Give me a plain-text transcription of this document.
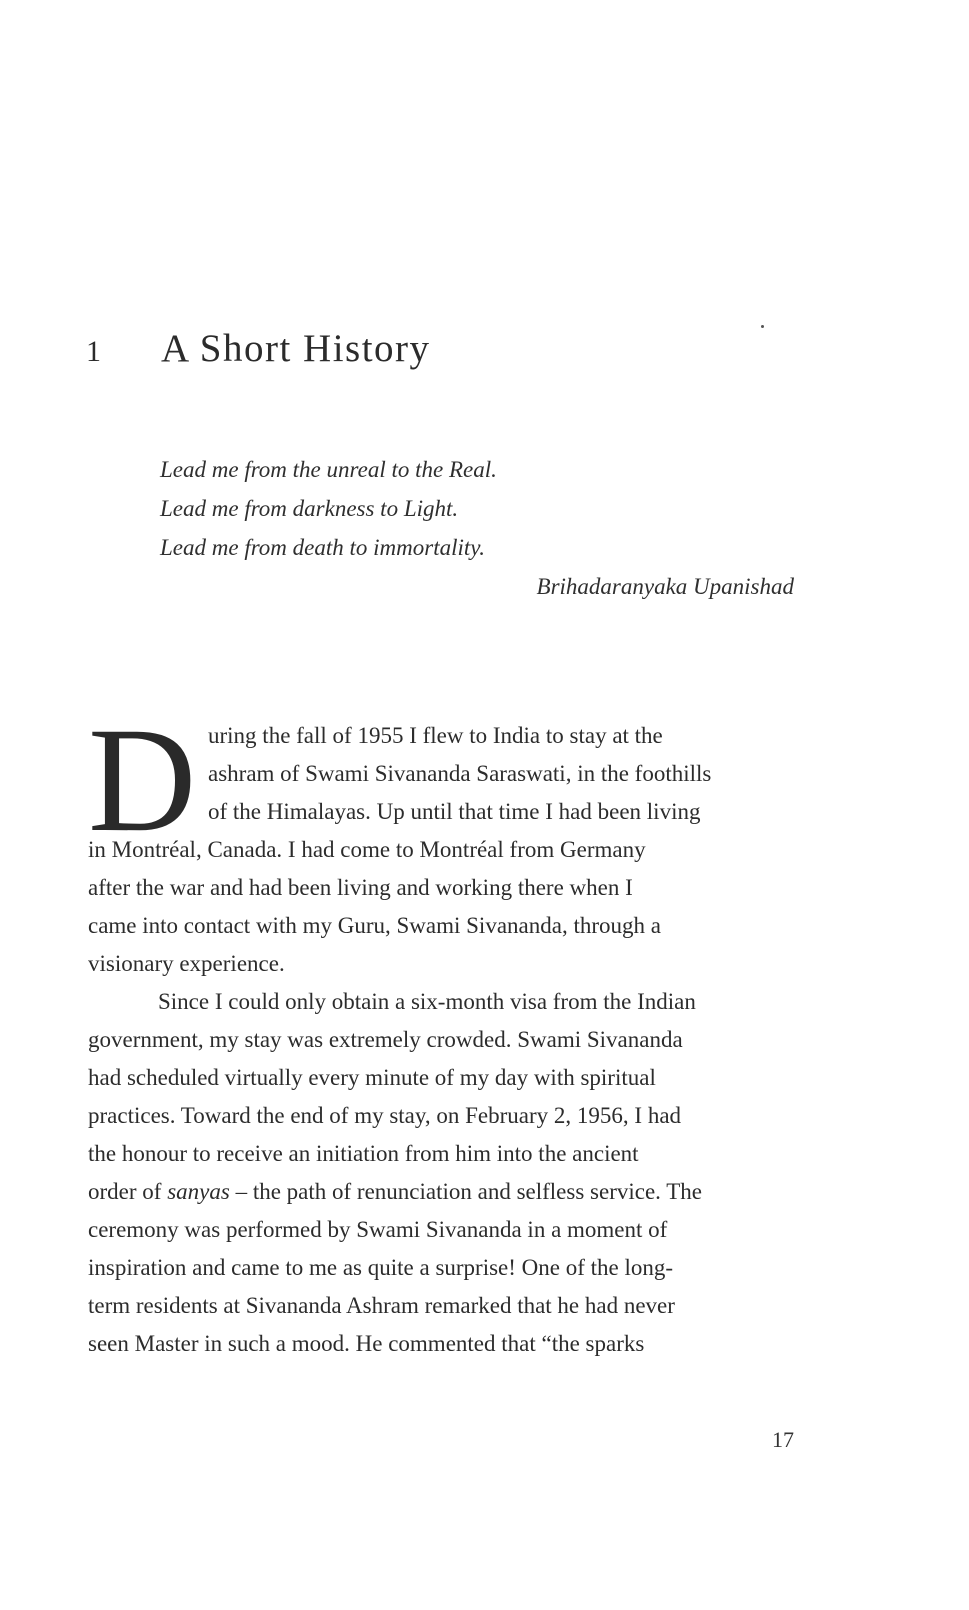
1	A Short History
Lead me from the unreal to the Real.
Lead me from darkness to Light.
Lead me from death to immortality.
Brihadaranyaka Upanishad
D uring the fall of 1955 I flew to India to stay at the
ashram of Swami Sivananda Saraswati, in the foothills
of the Himalayas. Up until that time I had been living
in Montréal, Canada. I had come to Montréal from Germany
after the war and had been living and working there when I
came into contact with my Guru, Swami Sivananda, through a
visionary experience.
Since I could only obtain a six-month visa from the Indian
government, my stay was extremely crowded. Swami Sivananda
had scheduled virtually every minute of my day with spiritual
practices. Toward the end of my stay, on February 2, 1956, I had
the honour to receive an initiation from him into the ancient
order of sanyas – the path of renunciation and selfless service. The
ceremony was performed by Swami Sivananda in a moment of
inspiration and came to me as quite a surprise! One of the long-
term residents at Sivananda Ashram remarked that he had never
seen Master in such a mood. He commented that “the sparks
17
